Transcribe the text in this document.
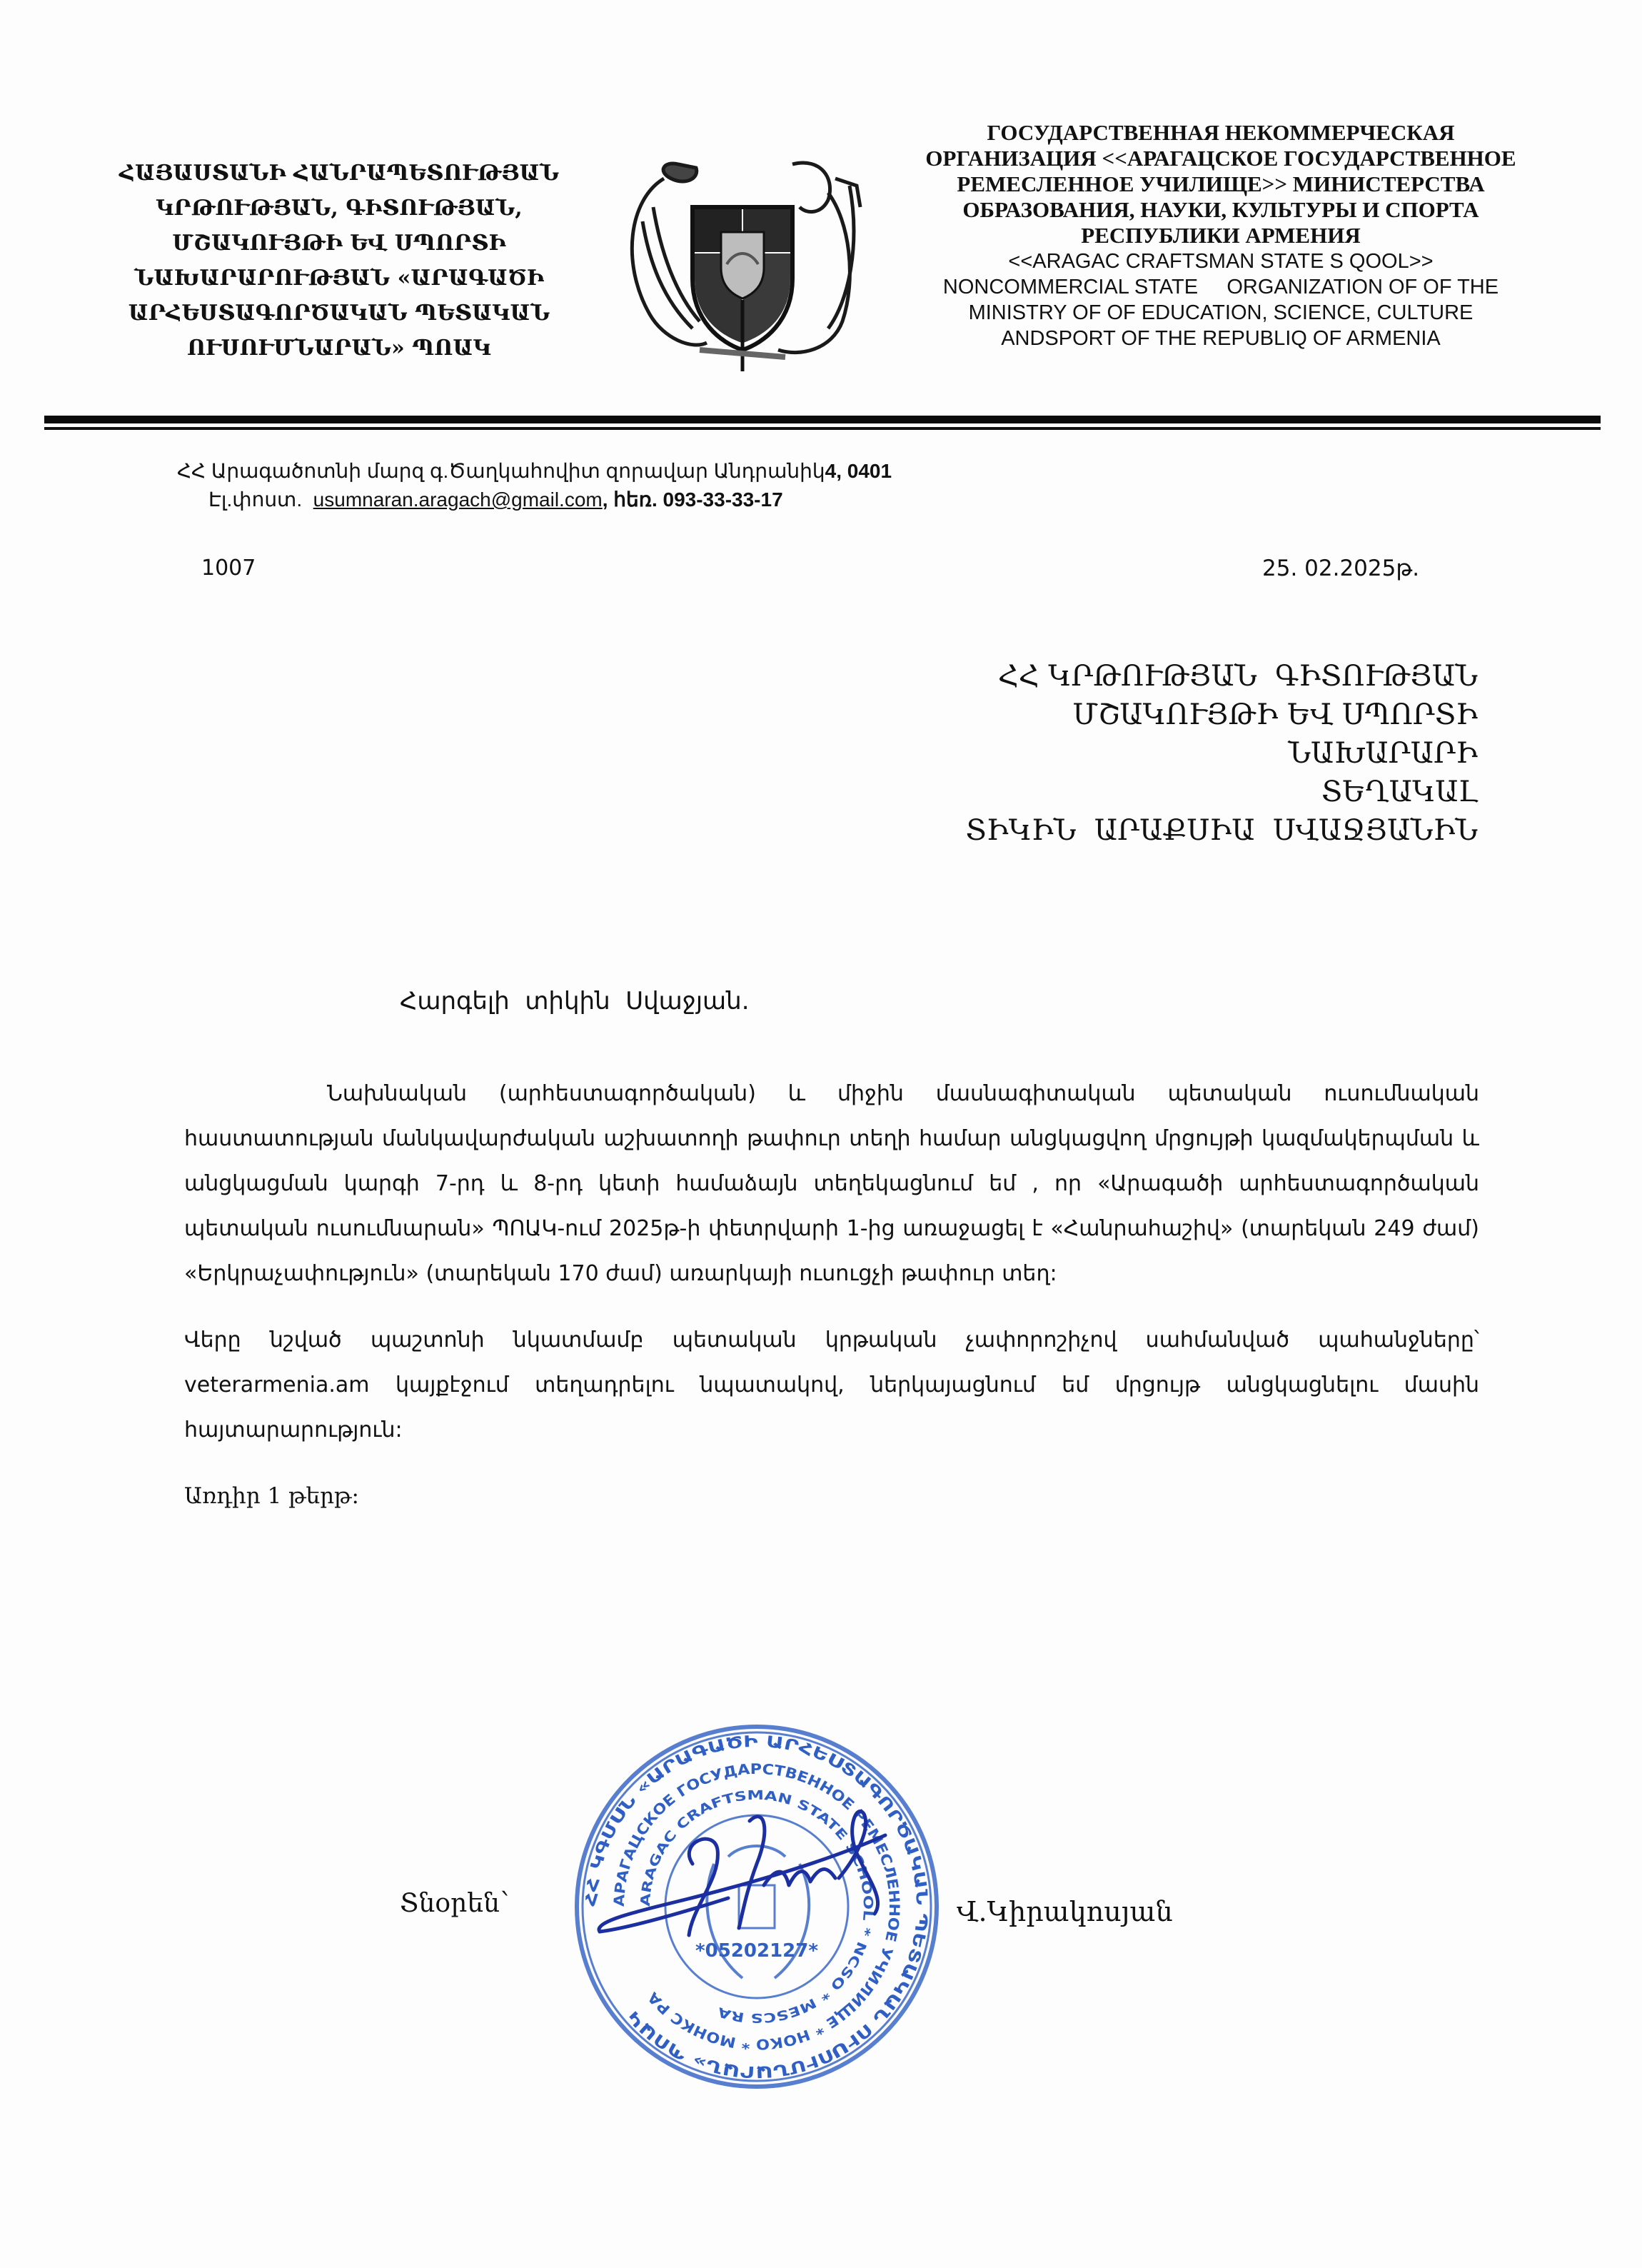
ՀԱՅԱՍՏԱՆԻ ՀԱՆՐԱՊԵՏՈՒԹՅԱՆ
ԿՐԹՈՒԹՅԱՆ, ԳԻՏՈՒԹՅԱՆ,
ՄՇԱԿՈՒՅԹԻ ԵՎ ՍՊՈՐՏԻ
ՆԱԽԱՐԱՐՈՒԹՅԱՆ «ԱՐԱԳԱԾԻ
ԱՐՀԵՍՏԱԳՈՐԾԱԿԱՆ ՊԵՏԱԿԱՆ
ՈՒՍՈՒՄՆԱՐԱՆ» ՊՈԱԿ
ГОСУДАРСТВЕННАЯ НЕКОММЕРЧЕСКАЯ
ОРГАНИЗАЦИЯ <<АРАГАЦСКОЕ ГОСУДАРСТВЕННОЕ
РЕМЕСЛЕННОЕ УЧИЛИЩЕ>> МИНИСТЕРСТВА
ОБРАЗОВАНИЯ, НАУКИ, КУЛЬТУРЫ И СПОРТА
РЕСПУБЛИКИ АРМЕНИЯ
<<ARAGAC CRAFTSMAN STATE S QOOL>>
NONCOMMERCIAL STATE     ORGANIZATION OF OF THE
MINISTRY OF OF EDUCATION, SCIENCE, CULTURE
ANDSPORT OF THE REPUBLIQ OF ARMENIA
ՀՀ Արագածոտնի մարզ գ.Ծաղկահովիտ զորավար Անդրանիկ4, 0401
Էլ.փոստ. usumnaran.aragach@gmail.com, հեռ. 093-33-33-17
1007	25. 02.2025թ.
ՀՀ ԿՐԹՈՒԹՅԱՆ  ԳԻՏՈՒԹՅԱՆ
ՄՇԱԿՈՒՅԹԻ ԵՎ ՍՊՈՐՏԻ
ՆԱԽԱՐԱՐԻ
ՏԵՂԱԿԱԼ
ՏԻԿԻՆ  ԱՐԱՔՍԻԱ  ՍՎԱՋՅԱՆԻՆ
Հարգելի  տիկին  Սվաջյան.

Նախնական (արհեստագործական) և միջին մասնագիտական պետական ուսումնական հաստատության մանկավարժական աշխատողի թափուր տեղի համար անցկացվող մրցույթի կազմակերպման և անցկացման կարգի 7-րդ և 8-րդ կետի համաձայն տեղեկացնում եմ , որ «Արագածի արհեստագործական պետական ուսումնարան» ՊՈԱԿ-ում 2025թ-ի փետրվարի 1-ից առաջացել է «Հանրահաշիվ» (տարեկան 249 ժամ) «Երկրաչափություն» (տարեկան 170 ժամ) առարկայի ուսուցչի թափուր տեղ:

Վերը նշված պաշտոնի նկատմամբ պետական կրթական չափորոշիչով սահմանված պահանջները՝ veterarmenia.am կայքէջում տեղադրելու նպատակով, ներկայացնում եմ մրցույթ անցկացնելու մասին հայտարարություն:

Առդիր 1 թերթ:

ՀՀ ԿԳՄՍՆ «ԱՐԱԳԱԾԻ ԱՐՀԵՍՏԱԳՈՐԾԱԿԱՆ ՊԵՏԱԿԱՆ ՈՒՍՈՒՄՆԱՐԱՆ» ՊՈԱԿ
АРАГАЦСКОЕ ГОСУДАРСТВЕННОЕ РЕМЕСЛЕННОЕ УЧИЛИЩЕ * НОКО * МОНКС РА
ARAGAC CRAFTSMAN STATE SCHOOL * NCSO * MESCS RA
*05202127*
Տնօրեն՝	Վ.Կիրակոսյան
